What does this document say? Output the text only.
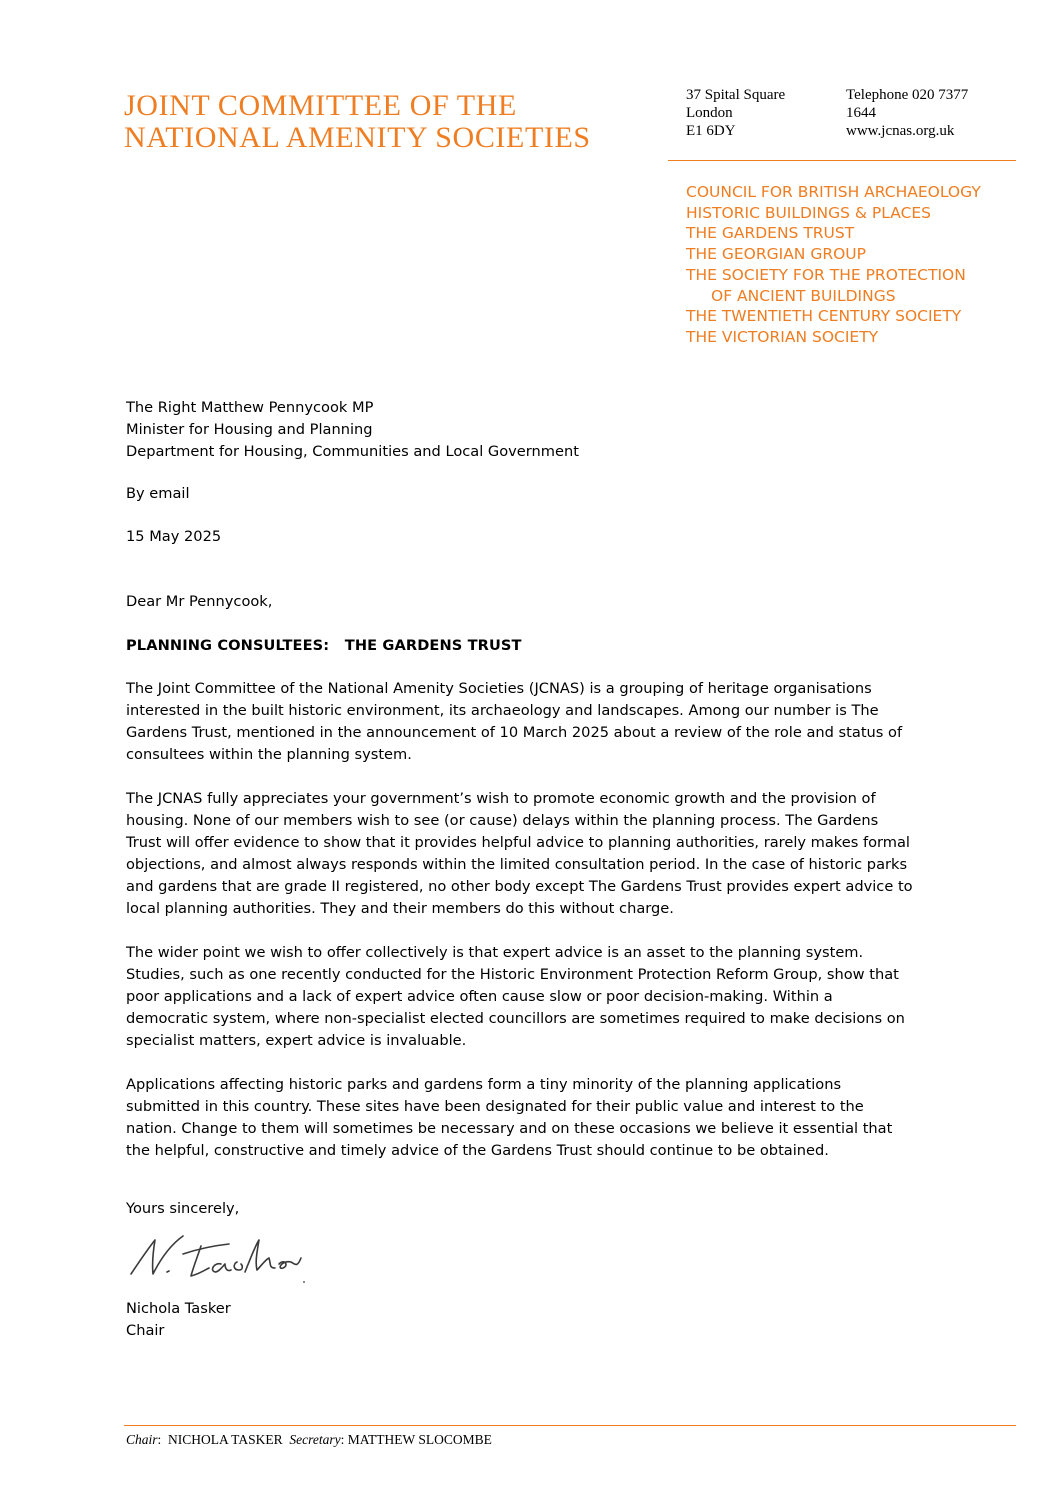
JOINT COMMITTEE OF THE
NATIONAL AMENITY SOCIETIES
37 Spital Square
London
E1 6DY
Telephone 020 7377 1644
www.jcnas.org.uk
COUNCIL FOR BRITISH ARCHAEOLOGY
HISTORIC BUILDINGS & PLACES
THE GARDENS TRUST
THE GEORGIAN GROUP
THE SOCIETY FOR THE PROTECTION
OF ANCIENT BUILDINGS
THE TWENTIETH CENTURY SOCIETY
THE VICTORIAN SOCIETY
The Right Matthew Pennycook MP
Minister for Housing and Planning
Department for Housing, Communities and Local Government
By email
15 May 2025
Dear Mr Pennycook,
PLANNING CONSULTEES:   THE GARDENS TRUST

The Joint Committee of the National Amenity Societies (JCNAS) is a grouping of heritage organisations interested in the built historic environment, its archaeology and landscapes. Among our number is The Gardens Trust, mentioned in the announcement of 10 March 2025 about a review of the role and status of consultees within the planning system.

The JCNAS fully appreciates your government’s wish to promote economic growth and the provision of housing. None of our members wish to see (or cause) delays within the planning process. The Gardens Trust will offer evidence to show that it provides helpful advice to planning authorities, rarely makes formal objections, and almost always responds within the limited consultation period. In the case of historic parks and gardens that are grade II registered, no other body except The Gardens Trust provides expert advice to local planning authorities. They and their members do this without charge.

The wider point we wish to offer collectively is that expert advice is an asset to the planning system. Studies, such as one recently conducted for the Historic Environment Protection Reform Group, show that poor applications and a lack of expert advice often cause slow or poor decision-making. Within a democratic system, where non-specialist elected councillors are sometimes required to make decisions on specialist matters, expert advice is invaluable.

Applications affecting historic parks and gardens form a tiny minority of the planning applications submitted in this country. These sites have been designated for their public value and interest to the nation. Change to them will sometimes be necessary and on these occasions we believe it essential that the helpful, constructive and timely advice of the Gardens Trust should continue to be obtained.

Yours sincerely,
Nichola Tasker
Chair
Chair:  NICHOLA TASKER Secretary: MATTHEW SLOCOMBE
